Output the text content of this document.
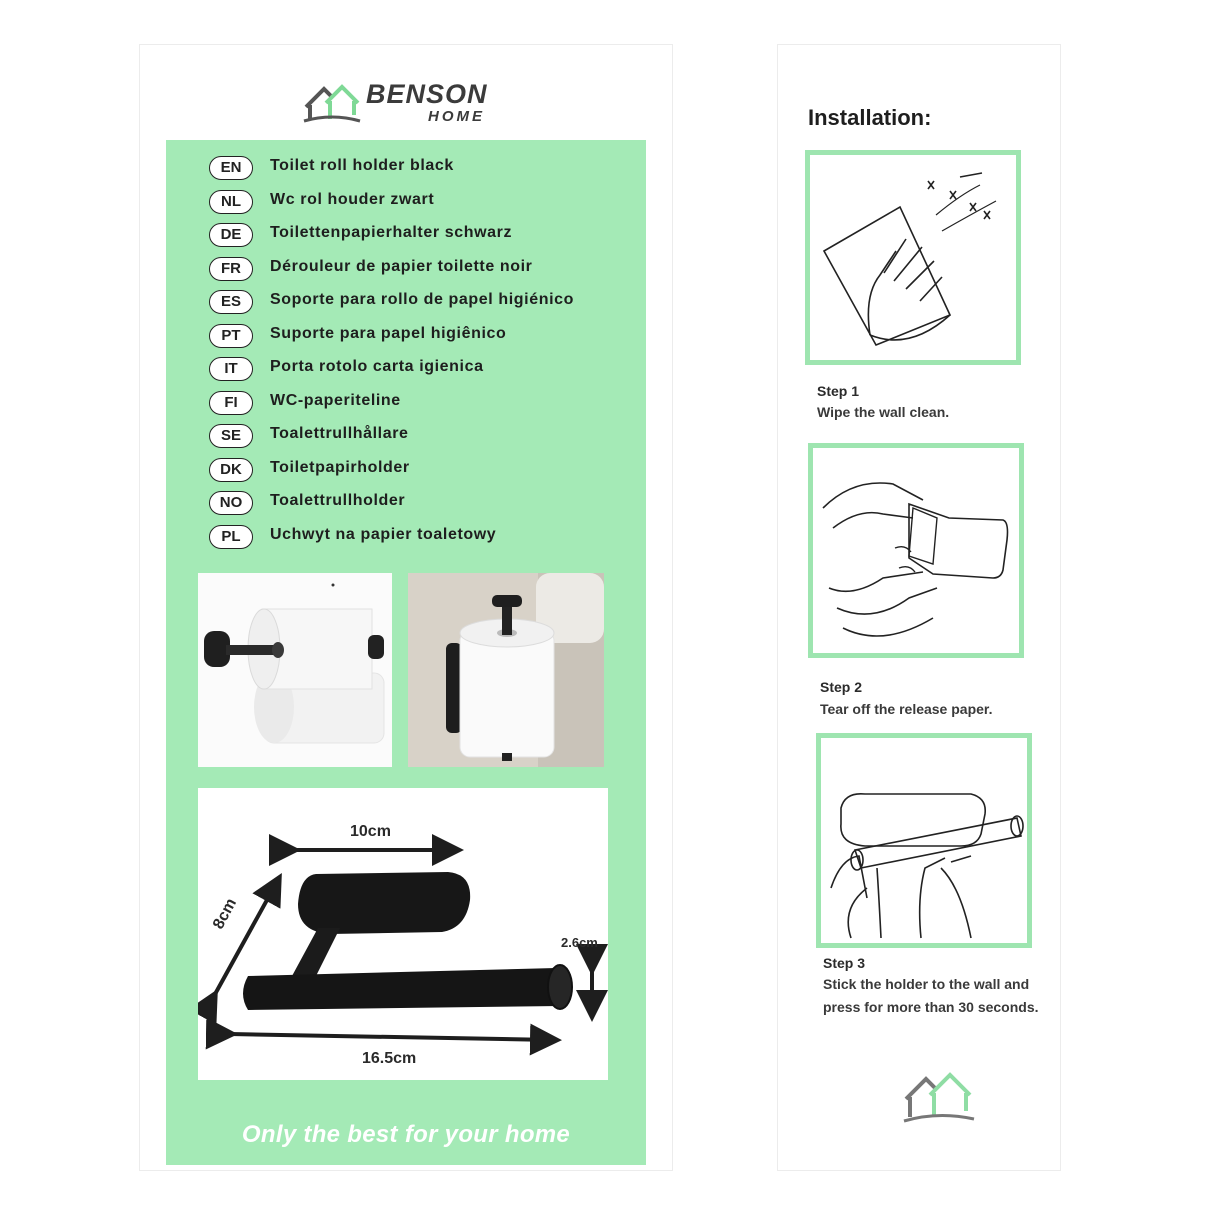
BENSON
HOME
EN	Toilet roll holder black
NL	Wc rol houder zwart
DE	Toilettenpapierhalter schwarz
FR	Dérouleur de papier toilette noir
ES	Soporte para rollo de papel higiénico
PT	Suporte para papel higiênico
IT	Porta rotolo carta igienica
FI	WC-paperiteline
SE	Toalettrullhållare
DK	Toiletpapirholder
NO	Toalettrullholder
PL	Uchwyt na papier toaletowy
10cm
8cm
2.6cm
16.5cm
Only the best for your home
Installation:
Step 1
Wipe the wall clean.
Step 2
Tear off the release paper.
Step 3
Stick the holder to the wall and press for more than 30 seconds.
